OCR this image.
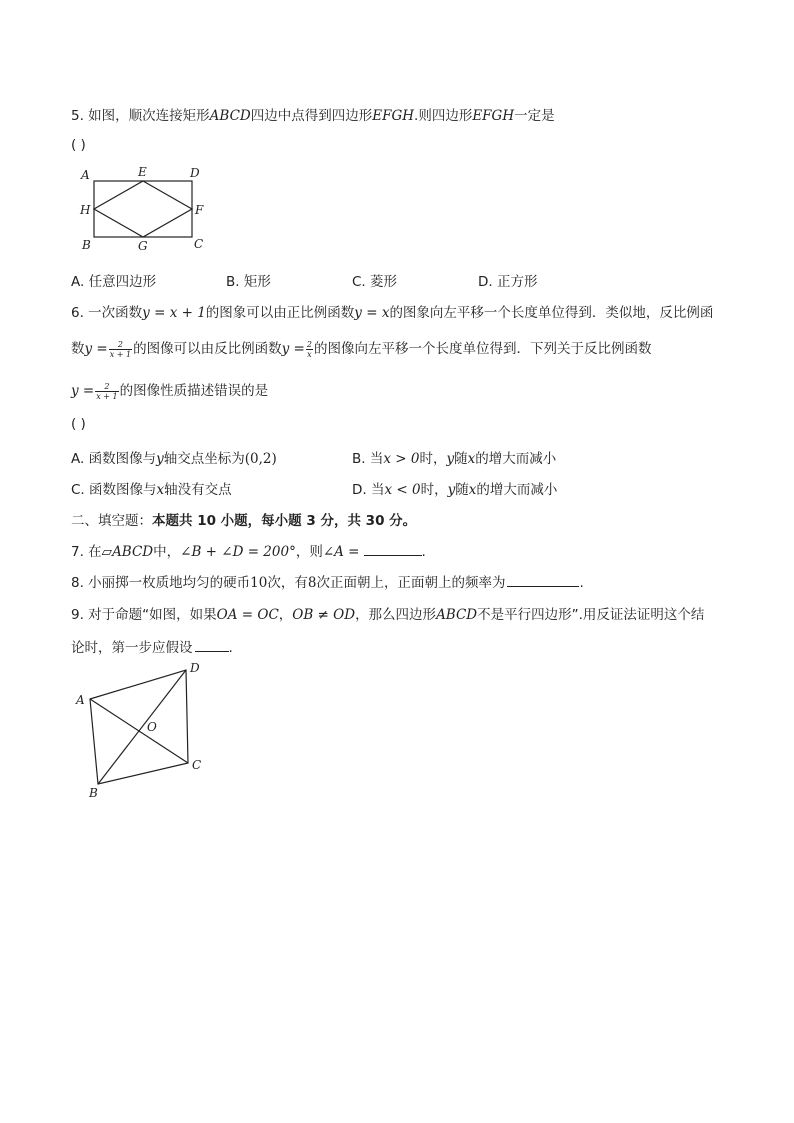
5. 如图，顺次连接矩形ABCD四边中点得到四边形EFGH.则四边形EFGH一定是
( )
A	E	D
H	F
B	G	C
A. 任意四边形	B. 矩形	C. 菱形	D. 正方形
6. 一次函数y = x + 1的图象可以由正比例函数y = x的图象向左平移一个长度单位得到．类似地，反比例函
数$y = \frac{2}{x + 1}$ 的图像可以由反比例函数$y = \frac{2}{x}$ 的图像向左平移一个长度单位得到．下列关于反比例函数
$y = \frac{2}{x + 1}$ 的图像性质描述错误的是
( )
A. 函数图像与y轴交点坐标为(0,2)	B. 当x > 0时，y随x的增大而减小
C. 函数图像与x轴没有交点	D. 当x < 0时，y随x的增大而减小
二、填空题：本题共 10 小题，每小题 3 分，共 30 分。
7. 在▱ABCD中，∠B + ∠D = 200°，则∠A =	.
8. 小丽掷一枚质地均匀的硬币10次，有8次正面朝上，正面朝上的频率为	.
9. 对于命题“如图，如果OA = OC，OB ≠ OD，那么四边形ABCD不是平行四边形”.用反证法证明这个结
论时，第一步应假设	.
A
D
O
C
B
